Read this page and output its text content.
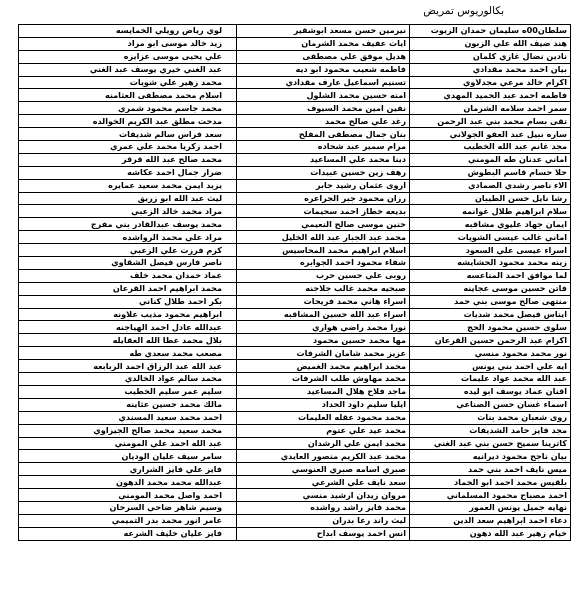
بكالوريوس تمريض
سلطان00ه سليمان حمدان الزيوت	نيرمين حسن مسعد ابوشقير	لوي رياض رويلي الخمايسه
هند ضيف الله علي الزبون	ايات عفيف محمد الشرمان	زيد خالد موسى ابو مراد
نادين نضال غازي كلمان	هديل موفق علي مصطفى	علي يحيى موسى عزايزه
بيان احمد محمد مقدادي	فاطمه شعيب محمود ابو ديه	عبد الغني خيري يوسف عبد الغني
اكرام خالد مرعي مجدلاوي	تسنيم اسماعيل عارف مقدادي	محمد زهير علي شويات
فاطمه احمد عبد الحميد المهدي	امنه حسين محمد الشلول	اسلام محمد مصطفى العثامنه
سمر احمد سلامه الشرمان	نفين امين محمد السيوف	محمد جاسم محمود شمري
تقى بسام محمد بني عبد الرحمن	رغد علي صالح محمد	مدحت مطلق عبد الكريم الخوالده
ساره نبيل عبد العفو الجولاني	بنان جمال مصطفى المفلح	سعد فراس سالم شديفات
مجد غانم عبد الله الخطيب	مرام سمير عبد شحاده	احمد زكريا محمد علي عمري
اماني عدنان طه المومني	دينا محمد علي المساعيد	محمد صالح عبد الله قرقز
حلا حسام قاسم البطوش	رهف زين حسين عبيدات	ضرار جمال احمد عكاشه
الاء ناصر رشدي الصمادي	اروى عثمان رشيد جابر	يزيد ايمن محمد سعيد عمايره
رشا نايل حسن الطيبان	رزان محمود جبر الجراعره	ليث عبد الله ابو زريق
سلام ابراهيم طلال غوانمه	بديعه خطاز احمد سحيمات	مراد محمد خالد الزعبي
ايمان جهاد عليوي مشاقبه	حنين موسى صالح النعيمي	محمد يوسف عبدالقادر بني مفرج
اماني غالب عيسى الشويات	محمد عبد الجبار عبد الله الخليل	مراد علي محمد الرواشده
اسراء عيسى علي السعود	اسلام ابراهيم محمد المحاسيس	كرم فرزت علي الزعبي
زينه محمد محمود الحشايشه	شفاء محمود احمد الجوابره	ناصر فارس فيصل الشقاوي
لما موافق احمد المناعسه	روبى علي حسين حرب	عماد حمدان محمد خلف
فاتن حسين موسى عجاينه	صبحيه محمد غالب جلاجنه	محمد ابراهيم احمد القرعان
منتهى صالح موسى بني حمد	اسراء هاني محمد فريحات	بكر احمد طلال كناني
ايناس فيصل محمد شديات	اسراء عبد الله حسين المشاقبه	ابراهيم محمود مذيب علاونه
سلوى حسين محمود الحج	نورا محمد راضي هواري	عبدالله عادل احمد الهياجنه
اكرام عبد الرحمن حسين القرعان	مها محمد حسين محمود	بلال محمد عطا الله العقايله
نور محمد محمود منسي	عزيز محمد شامان الشرفات	مصعب محمد سعدي طه
ايه علي احمد بني يونس	محمد ابراهيم محمد الغميض	عبد الله عبد الرزاق احمد الربابعه
عبد الله محمد عواد عليمات	محمد مهاوش طلب الشرفات	محمد سالم عواد الخالدي
اقنان عماد يوسف ابو ليده	ماجد فلاح هلال المساعيد	سليم عمر سليم الخطيب
اسماء غسان حسن الصناعي	ايليا سليم داود الحداد	مالك محمد حسين عثاينه
روى شعبان محمد بنات	محمد محمود عقله العليمات	احمد محمد سعيد المسندي
مجد فايز حامد الشديفات	محمد عيد علي عتوم	محمد سعيد محمد صالح الجيزاوي
كاترينا سميح حسن بني عبد الغني	محمد ايمن علي الرشدان	عبد الله احمد علي المومني
بيان ناجح محمود ديرانيه	محمد عبد الكريم منصور العايدي	سامر سيف عليان الوديان
ميس نايف احمد بني حمد	صبري اسامه صبري العنوسي	فايز علي فايز الشراري
بلقيس محمد احمد ابو الحماد	سعد نايف علي الشرعي	عبدالله محمد محمد الدهون
احمد مصباح محمود المسلماني	مروان زيدان ارشيد منسي	احمد واصل محمد المومني
نهايه جميل يونس العمور	محمد فايز راشد رواشده	وسيم شاهر ضاحي السرحان
دعاء احمد ابراهيم سعد الدين	ليث راند رعا بدران	عامر انور محمد بدر التميمي
خيام زهير عبد الله دهون	انس احمد يوسف ابداح	فايز عليان خليف الشرعه
